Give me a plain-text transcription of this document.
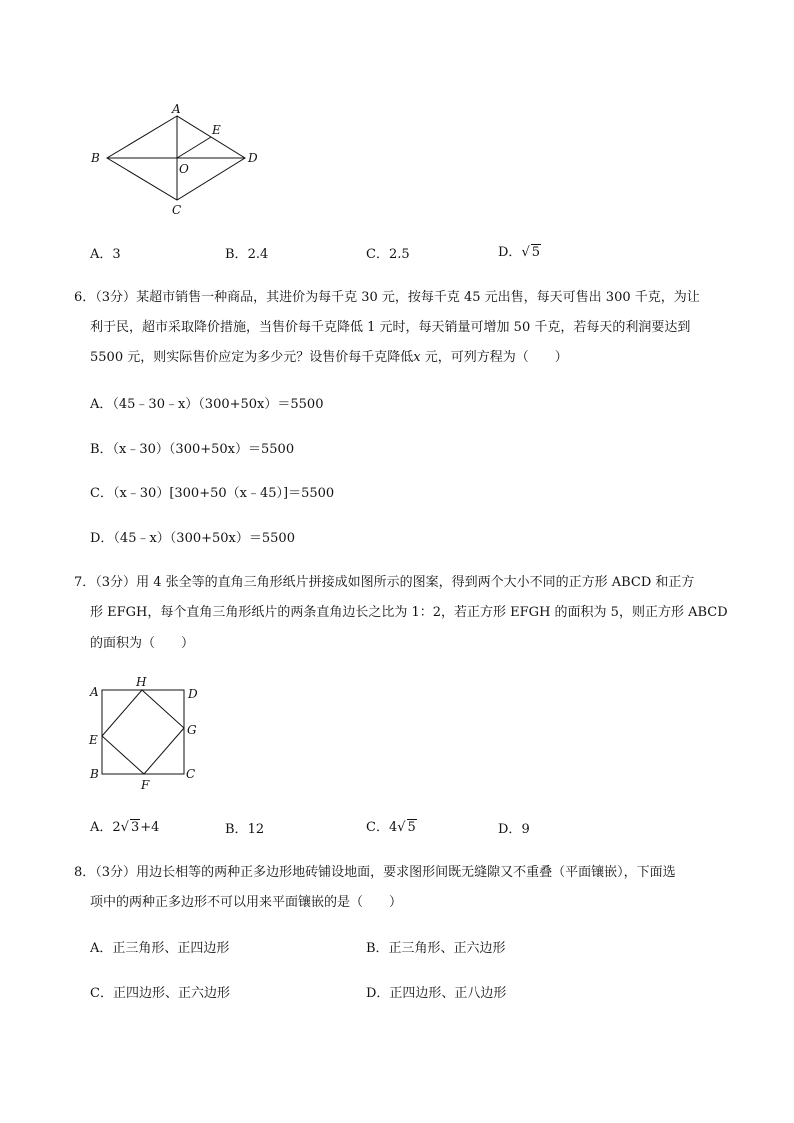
A
B
C
D
E
O
A．3	B．2.4	C．2.5	D．√ 5
6．（3分）某超市销售一种商品，其进价为每千克 30 元，按每千克 45 元出售，每天可售出 300 千克，为让
利于民，超市采取降价措施，当售价每千克降低 1 元时，每天销量可增加 50 千克，若每天的利润要达到
5500 元，则实际售价应定为多少元？设售价每千克降低x 元，可列方程为（　　）
A．（45﹣30﹣x）（300+50x）＝5500
B．（x﹣30）（300+50x）＝5500
C．（x﹣30）[300+50（x﹣45）]＝5500
D．（45﹣x）（300+50x）＝5500
7．（3分）用 4 张全等的直角三角形纸片拼接成如图所示的图案，得到两个大小不同的正方形 ABCD 和正方
形 EFGH，每个直角三角形纸片的两条直角边长之比为 1：2，若正方形 EFGH 的面积为 5，则正方形 ABCD
的面积为（　　）
A
H
D
E
G
B
F
C
A．2√ 3+4	B．12	C．4√ 5	D．9
8．（3分）用边长相等的两种正多边形地砖铺设地面，要求图形间既无缝隙又不重叠（平面镶嵌），下面选
项中的两种正多边形不可以用来平面镶嵌的是（　　）
A．正三角形、正四边形	B．正三角形、正六边形
C．正四边形、正六边形	D．正四边形、正八边形
